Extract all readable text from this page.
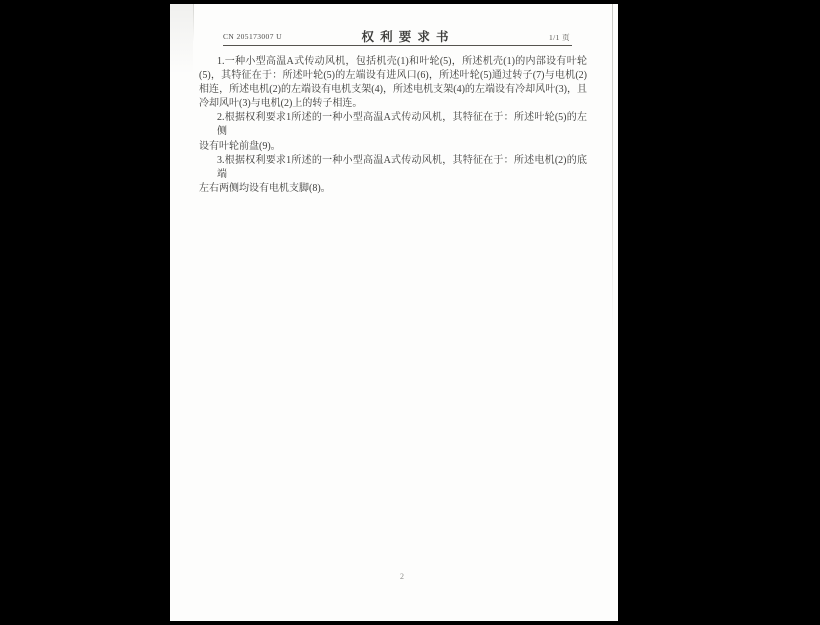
CN 205173007 U	权 利 要 求 书	1/1 页
1.一种小型高温A式传动风机，包括机壳(1)和叶轮(5)，所述机壳(1)的内部设有叶轮
(5)，其特征在于：所述叶轮(5)的左端设有进风口(6)，所述叶轮(5)通过转子(7)与电机(2)
相连，所述电机(2)的左端设有电机支架(4)，所述电机支架(4)的左端设有冷却风叶(3)，且
冷却风叶(3)与电机(2)上的转子相连。
2.根据权利要求1所述的一种小型高温A式传动风机，其特征在于：所述叶轮(5)的左侧
设有叶轮前盘(9)。
3.根据权利要求1所述的一种小型高温A式传动风机，其特征在于：所述电机(2)的底端
左右两侧均设有电机支脚(8)。
2
